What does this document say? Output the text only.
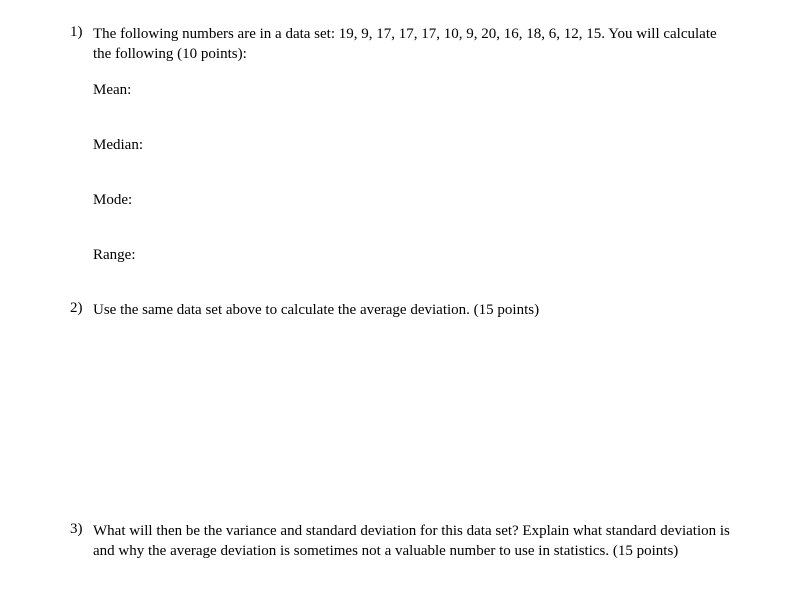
1) The following numbers are in a data set: 19, 9, 17, 17, 17, 10, 9, 20, 16, 18, 6, 12, 15. You will calculate the following (10 points):
Mean:
Median:
Mode:
Range:
2) Use the same data set above to calculate the average deviation. (15 points)
3) What will then be the variance and standard deviation for this data set? Explain what standard deviation is and why the average deviation is sometimes not a valuable number to use in statistics. (15 points)
